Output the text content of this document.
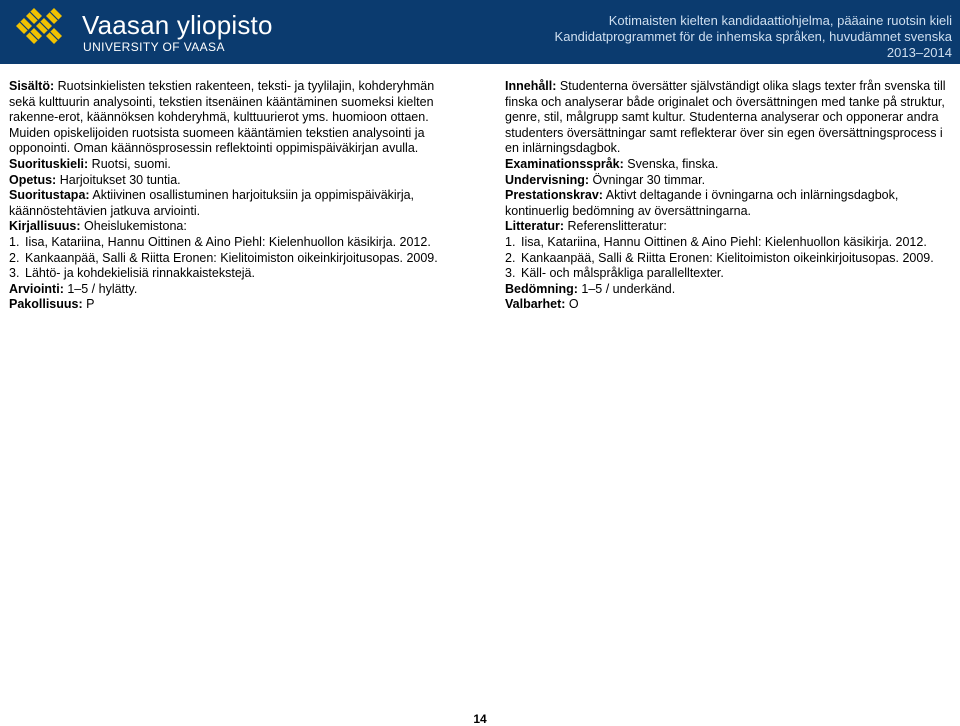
Vaasan yliopisto
UNIVERSITY OF VAASA
Kotimaisten kielten kandidaattiohjelma, pääaine ruotsin kieli
Kandidatprogrammet för de inhemska språken, huvudämnet svenska
2013–2014

Sisältö: Ruotsinkielisten tekstien rakenteen, teksti- ja tyylilajin, kohderyhmän sekä kulttuurin analysointi, tekstien itsenäinen kääntäminen suomeksi kielten rakenne-erot, käännöksen kohderyhmä, kulttuurierot yms. huomioon ottaen. Muiden opiskelijoiden ruotsista suomeen kääntämien tekstien analysointi ja opponointi. Oman käännösprosessin reflektointi oppimispäiväkirjan avulla.

Suorituskieli: Ruotsi, suomi.

Opetus: Harjoitukset 30 tuntia.

Suoritustapa: Aktiivinen osallistuminen harjoituksiin ja oppimispäiväkirja, käännöstehtävien jatkuva arviointi.

Kirjallisuus: Oheislukemistona:

1. Iisa, Katariina, Hannu Oittinen & Aino Piehl: Kielenhuollon käsikirja. 2012.
2. Kankaanpää, Salli & Riitta Eronen: Kielitoimiston oikeinkirjoitusopas. 2009.
3. Lähtö- ja kohdekielisiä rinnakkaistekstejä.

Arviointi: 1–5 / hylätty.

Pakollisuus: P

Innehåll: Studenterna översätter självständigt olika slags texter från svenska till finska och analyserar både originalet och översättningen med tanke på struktur, genre, stil, målgrupp samt kultur. Studenterna analyserar och opponerar andra studenters översättningar samt reflekterar över sin egen översättningsprocess i en inlärningsdagbok.

Examinationsspråk: Svenska, finska.

Undervisning: Övningar 30 timmar.

Prestationskrav: Aktivt deltagande i övningarna och inlärningsdagbok, kontinuerlig bedömning av översättningarna.

Litteratur: Referenslitteratur:

1. Iisa, Katariina, Hannu Oittinen & Aino Piehl: Kielenhuollon käsikirja. 2012.
2. Kankaanpää, Salli & Riitta Eronen: Kielitoimiston oikeinkirjoitusopas. 2009.
3. Käll- och målspråkliga parallelltexter.

Bedömning: 1–5 / underkänd.

Valbarhet: O

14
